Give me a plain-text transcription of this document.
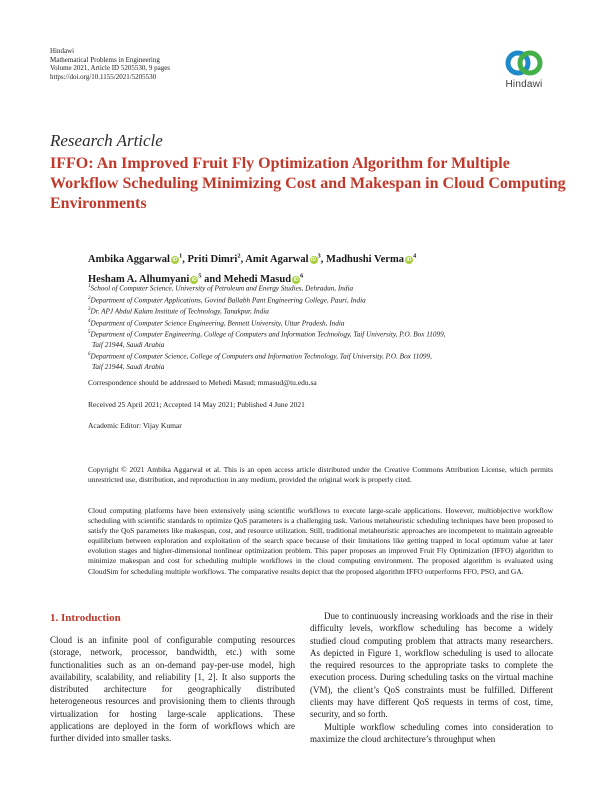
Hindawi
Mathematical Problems in Engineering
Volume 2021, Article ID 5205530, 9 pages
https://doi.org/10.1155/2021/5205530
Hindawi
Research Article
IFFO: An Improved Fruit Fly Optimization Algorithm for Multiple Workflow Scheduling Minimizing Cost and Makespan in Cloud Computing Environments
Ambika Aggarwal $iD^1$, Priti Dimri$^2$, Amit Agarwal $iD^3$, Madhushi Verma $iD^4$
Hesham A. Alhumyani $iD^5$ and Mehedi Masud $iD^6$
$^1$School of Computer Science, University of Petroleum and Energy Studies, Dehradun, India
$^2$Department of Computer Applications, Govind Ballabh Pant Engineering College, Pauri, India
$^3$Dr. APJ Abdul Kalam Institute of Technology, Tanakpur, India
$^4$Department of Computer Science Engineering, Bennett University, Uttar Pradesh, India
$^5$Department of Computer Engineering, College of Computers and Information Technology, Taif University, P.O. Box 11099,
Taif 21944, Saudi Arabia
$^6$Department of Computer Science, College of Computers and Information Technology, Taif University, P.O. Box 11099,
Taif 21944, Saudi Arabia
Correspondence should be addressed to Mehedi Masud; mmasud@tu.edu.sa
Received 25 April 2021; Accepted 14 May 2021; Published 4 June 2021
Academic Editor: Vijay Kumar
Copyright © 2021 Ambika Aggarwal et al. This is an open access article distributed under the Creative Commons Attribution License, which permits unrestricted use, distribution, and reproduction in any medium, provided the original work is properly cited.
Cloud computing platforms have been extensively using scientific workflows to execute large-scale applications. However, multiobjective workflow scheduling with scientific standards to optimize QoS parameters is a challenging task. Various metaheuristic scheduling techniques have been proposed to satisfy the QoS parameters like makespan, cost, and resource utilization. Still, traditional metaheuristic approaches are incompetent to maintain agreeable equilibrium between exploration and exploitation of the search space because of their limitations like getting trapped in local optimum value at later evolution stages and higher-dimensional nonlinear optimization problem. This paper proposes an improved Fruit Fly Optimization (IFFO) algorithm to minimize makespan and cost for scheduling multiple workflows in the cloud computing environment. The proposed algorithm is evaluated using CloudSim for scheduling multiple workflows. The comparative results depict that the proposed algorithm IFFO outperforms FFO, PSO, and GA.
1. Introduction

Cloud is an infinite pool of configurable computing resources (storage, network, processor, bandwidth, etc.) with some functionalities such as an on-demand pay-per-use model, high availability, scalability, and reliability [1, 2]. It also supports the distributed architecture for geographically distributed heterogeneous resources and provisioning them to clients through virtualization for hosting large-scale applications. These applications are deployed in the form of workflows which are further divided into smaller tasks.

Due to continuously increasing workloads and the rise in their difficulty levels, workflow scheduling has become a widely studied cloud computing problem that attracts many researchers. As depicted in Figure 1, workflow scheduling is used to allocate the required resources to the appropriate tasks to complete the execution process. During scheduling tasks on the virtual machine (VM), the client’s QoS constraints must be fulfilled. Different clients may have different QoS requests in terms of cost, time, security, and so forth.

Multiple workflow scheduling comes into consideration to maximize the cloud architecture’s throughput when
